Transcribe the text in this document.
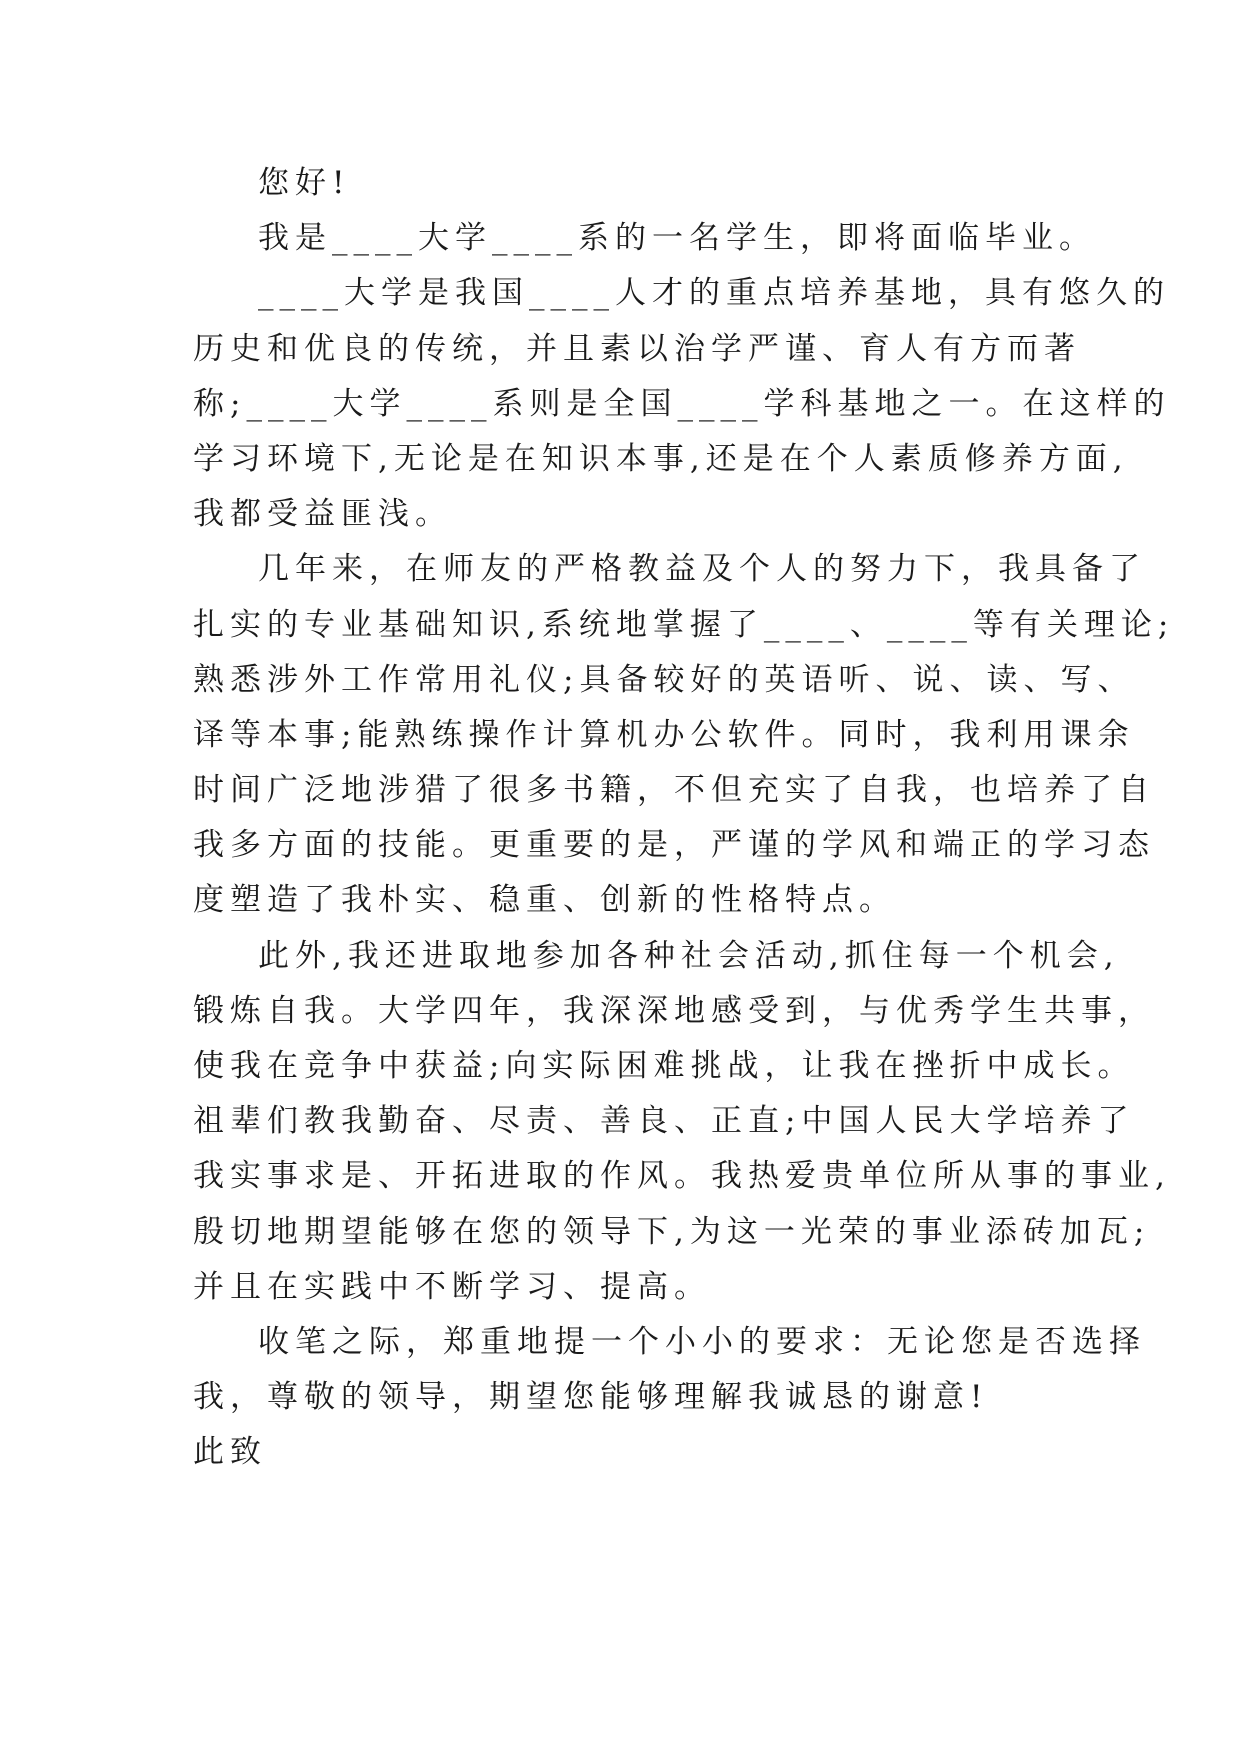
您好!
我是____大学____系的一名学生，即将面临毕业。
____大学是我国____人才的重点培养基地，具有悠久的
历史和优良的传统，并且素以治学严谨、育人有方而著
称;____大学____系则是全国____学科基地之一。在这样的
学习环境下,无论是在知识本事,还是在个人素质修养方面,
我都受益匪浅。
几年来，在师友的严格教益及个人的努力下，我具备了
扎实的专业基础知识,系统地掌握了____、____等有关理论;
熟悉涉外工作常用礼仪;具备较好的英语听、说、读、写、
译等本事;能熟练操作计算机办公软件。同时，我利用课余
时间广泛地涉猎了很多书籍，不但充实了自我，也培养了自
我多方面的技能。更重要的是，严谨的学风和端正的学习态
度塑造了我朴实、稳重、创新的性格特点。
此外,我还进取地参加各种社会活动,抓住每一个机会,
锻炼自我。大学四年，我深深地感受到，与优秀学生共事，
使我在竞争中获益;向实际困难挑战，让我在挫折中成长。
祖辈们教我勤奋、尽责、善良、正直;中国人民大学培养了
我实事求是、开拓进取的作风。我热爱贵单位所从事的事业,
殷切地期望能够在您的领导下,为这一光荣的事业添砖加瓦;
并且在实践中不断学习、提高。
收笔之际，郑重地提一个小小的要求：无论您是否选择
我，尊敬的领导，期望您能够理解我诚恳的谢意!
此致
